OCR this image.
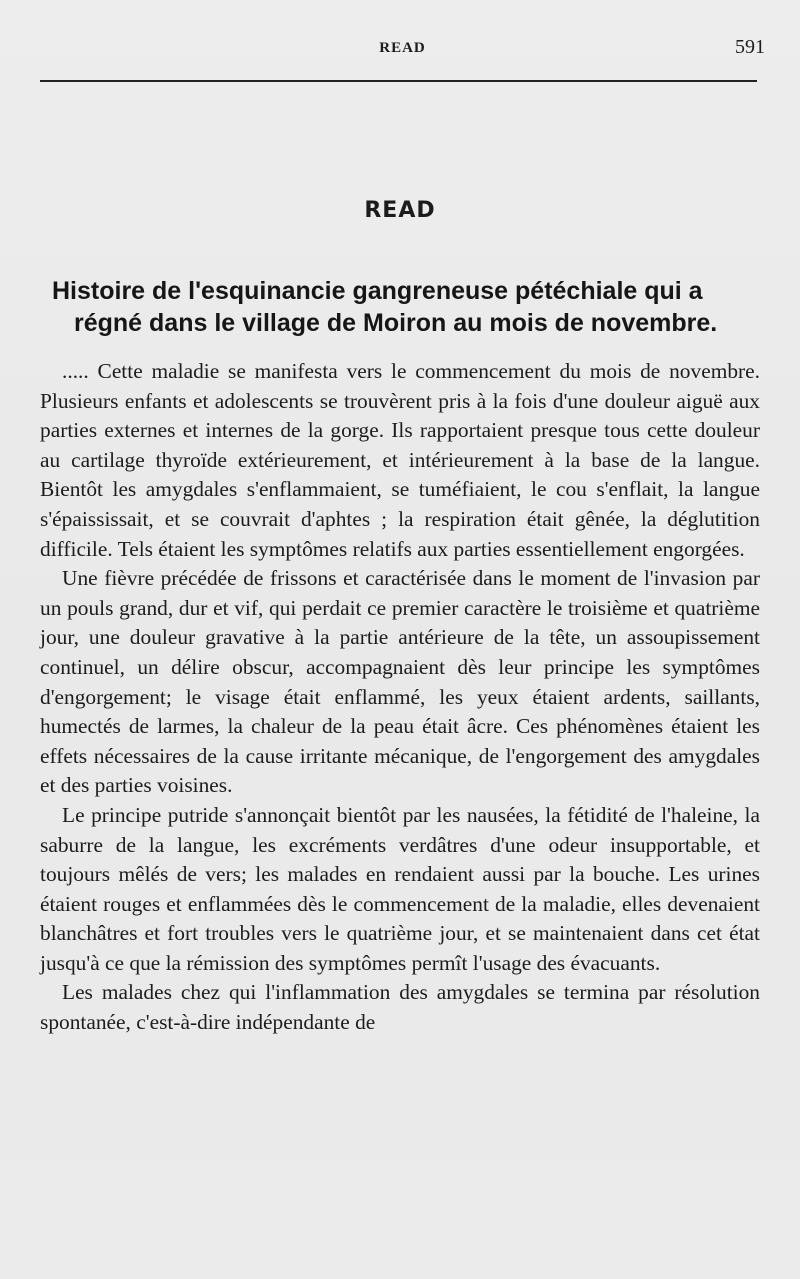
READ	591
READ
Histoire de l'esquinancie gangreneuse pétéchiale qui a
régné dans le village de Moiron au mois de novembre.

..... Cette maladie se manifesta vers le commencement du mois de novembre. Plusieurs enfants et adolescents se trouvèrent pris à la fois d'une douleur aiguë aux parties externes et internes de la gorge. Ils rapportaient presque tous cette douleur au cartilage thyroïde extérieurement, et intérieurement à la base de la langue. Bientôt les amygdales s'enflammaient, se tuméfiaient, le cou s'enflait, la langue s'épaississait, et se couvrait d'aphtes ; la respiration était gênée, la déglutition difficile. Tels étaient les symptômes relatifs aux parties essentiellement engorgées.

Une fièvre précédée de frissons et caractérisée dans le moment de l'invasion par un pouls grand, dur et vif, qui perdait ce premier caractère le troisième et quatrième jour, une douleur gravative à la partie antérieure de la tête, un assoupissement continuel, un délire obscur, accompagnaient dès leur principe les symptômes d'engorgement; le visage était enflammé, les yeux étaient ardents, saillants, humectés de larmes, la chaleur de la peau était âcre. Ces phénomènes étaient les effets nécessaires de la cause irritante mécanique, de l'engorgement des amygdales et des parties voisines.

Le principe putride s'annonçait bientôt par les nausées, la fétidité de l'haleine, la saburre de la langue, les excréments verdâtres d'une odeur insupportable, et toujours mêlés de vers; les malades en rendaient aussi par la bouche. Les urines étaient rouges et enflammées dès le commencement de la maladie, elles devenaient blanchâtres et fort troubles vers le quatrième jour, et se maintenaient dans cet état jusqu'à ce que la rémission des symptômes permît l'usage des évacuants.

Les malades chez qui l'inflammation des amygdales se termina par résolution spontanée, c'est-à-dire indépendante de
